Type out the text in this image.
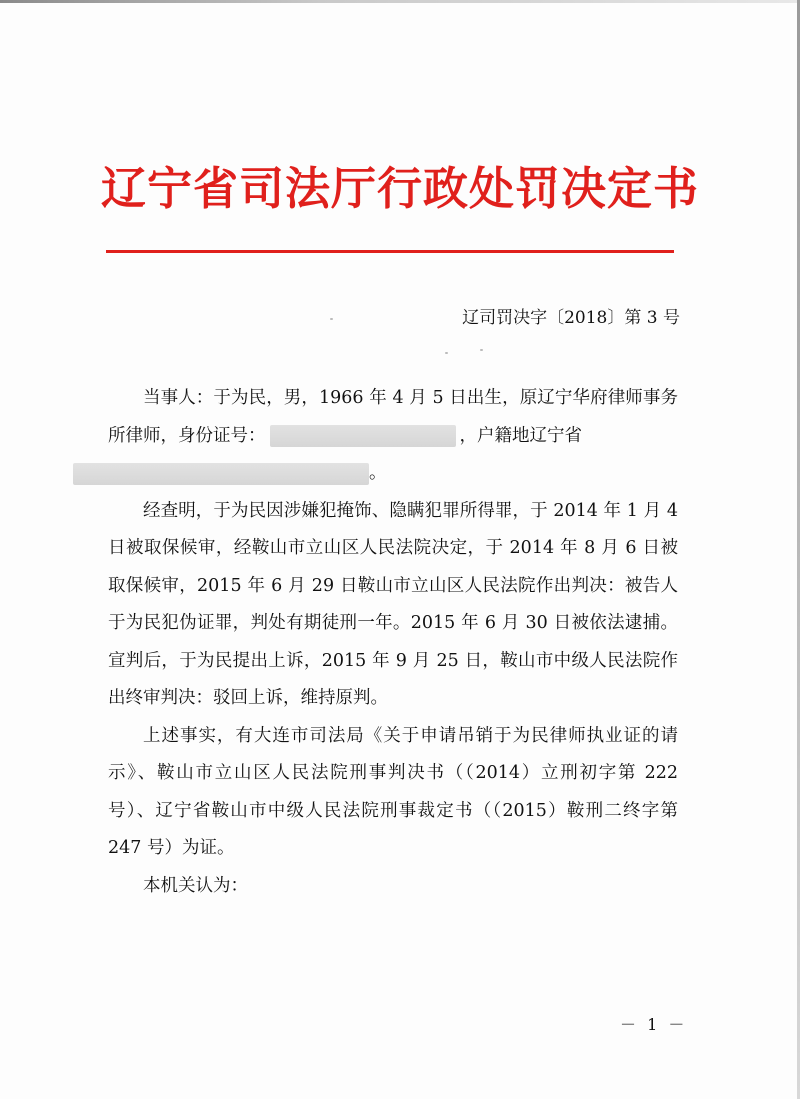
辽宁省司法厅行政处罚决定书
辽司罚决字〔2018〕第 3 号

当事人：于为民，男，1966 年 4 月 5 日出生，原辽宁华府律师事务所律师，身份证号：	，户籍地辽宁省
。

经查明，于为民因涉嫌犯掩饰、隐瞒犯罪所得罪，于 2014 年 1 月 4 日被取保候审，经鞍山市立山区人民法院决定，于 2014 年 8 月 6 日被取保候审，2015 年 6 月 29 日鞍山市立山区人民法院作出判决：被告人于为民犯伪证罪，判处有期徒刑一年。2015 年 6 月 30 日被依法逮捕。宣判后，于为民提出上诉，2015 年 9 月 25 日，鞍山市中级人民法院作出终审判决：驳回上诉，维持原判。

上述事实，有大连市司法局《关于申请吊销于为民律师执业证的请示》、鞍山市立山区人民法院刑事判决书（（2014）立刑初字第 222 号）、辽宁省鞍山市中级人民法院刑事裁定书（（2015）鞍刑二终字第 247 号）为证。

本机关认为：

－ 1 －
